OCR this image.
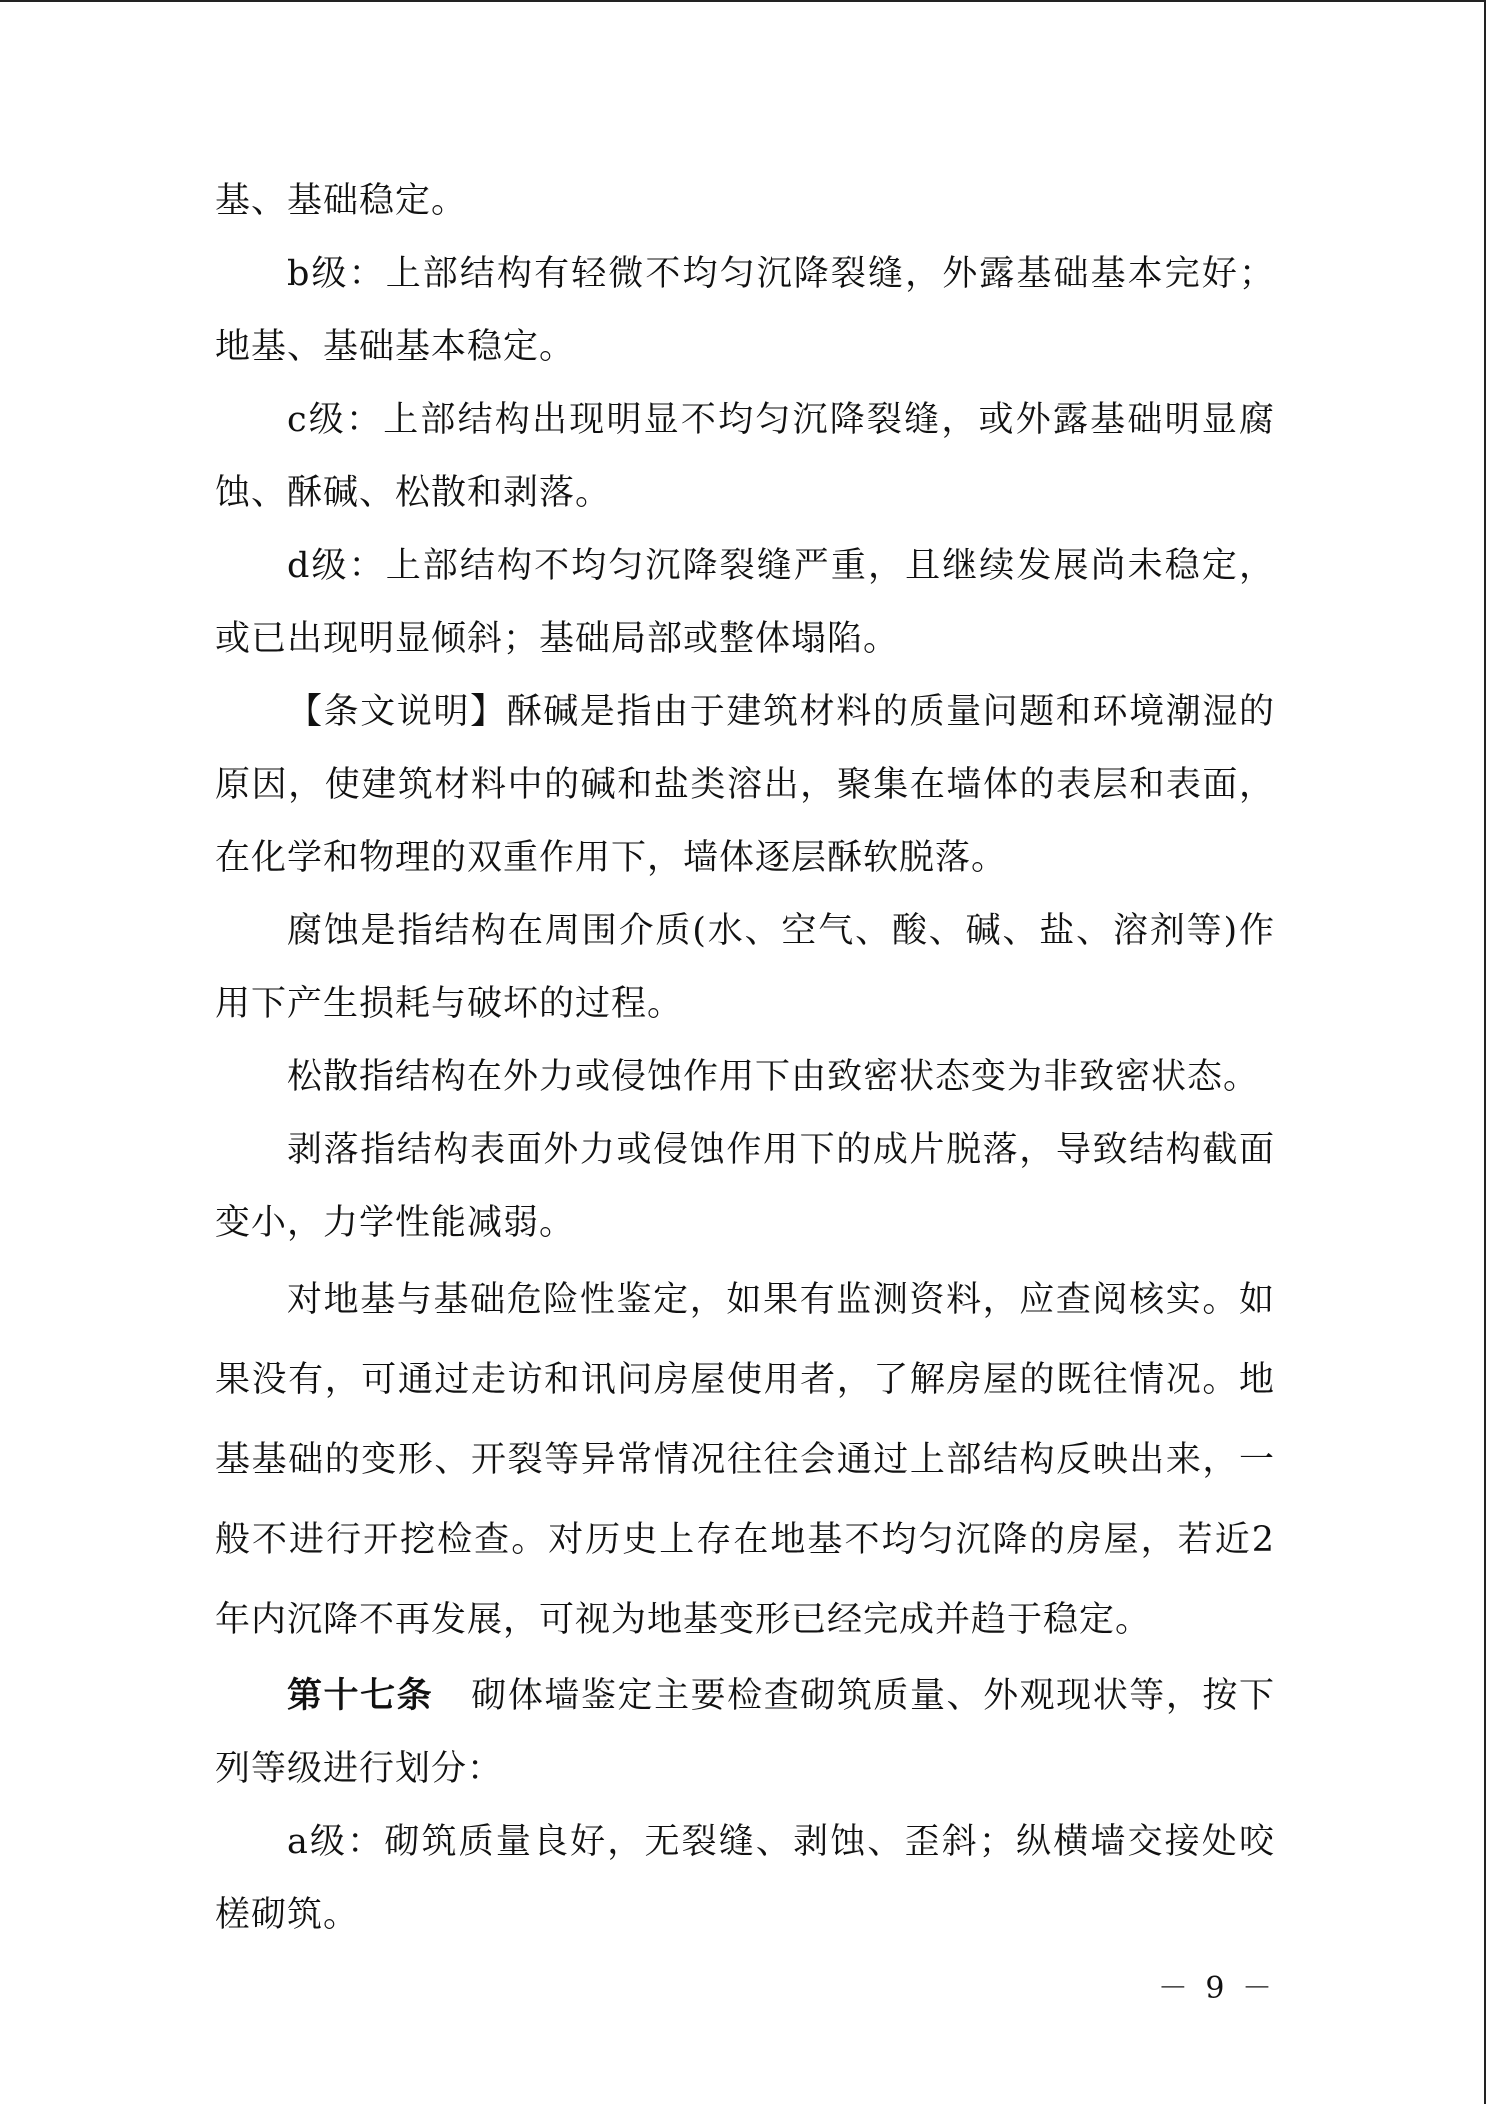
基、基础稳定。

b级：上部结构有轻微不均匀沉降裂缝，外露基础基本完好；地基、基础基本稳定。

c级：上部结构出现明显不均匀沉降裂缝，或外露基础明显腐蚀、酥碱、松散和剥落。

d级：上部结构不均匀沉降裂缝严重，且继续发展尚未稳定，或已出现明显倾斜；基础局部或整体塌陷。

【条文说明】酥碱是指由于建筑材料的质量问题和环境潮湿的原因，使建筑材料中的碱和盐类溶出，聚集在墙体的表层和表面，在化学和物理的双重作用下，墙体逐层酥软脱落。

腐蚀是指结构在周围介质(水、空气、酸、碱、盐、溶剂等)作用下产生损耗与破坏的过程。

松散指结构在外力或侵蚀作用下由致密状态变为非致密状态。

剥落指结构表面外力或侵蚀作用下的成片脱落，导致结构截面变小，力学性能减弱。

对地基与基础危险性鉴定，如果有监测资料，应查阅核实。如果没有，可通过走访和讯问房屋使用者，了解房屋的既往情况。地基基础的变形、开裂等异常情况往往会通过上部结构反映出来，一般不进行开挖检查。对历史上存在地基不均匀沉降的房屋，若近2年内沉降不再发展，可视为地基变形已经完成并趋于稳定。

第十七条 砌体墙鉴定主要检查砌筑质量、外观现状等，按下列等级进行划分：

a级：砌筑质量良好，无裂缝、剥蚀、歪斜；纵横墙交接处咬槎砌筑。

－ 9 －
